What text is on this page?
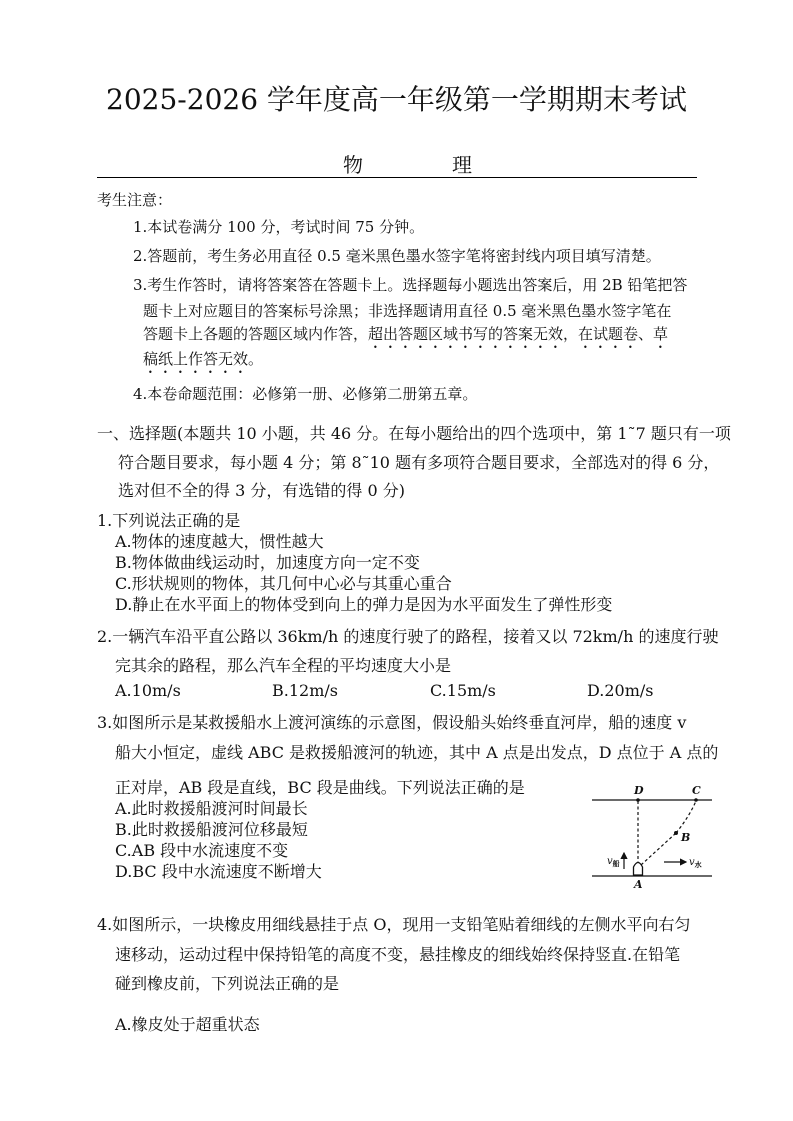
2025-2026 学年度高一年级第一学期期末考试
物	理
考生注意：
1.本试卷满分 100 分，考试时间 75 分钟。
2.答题前，考生务必用直径 0.5 毫米黑色墨水签字笔将密封线内项目填写清楚。
3.考生作答时，请将答案答在答题卡上。选择题每小题选出答案后，用 2B 铅笔把答
题卡上对应题目的答案标号涂黑；非选择题请用直径 0.5 毫米黑色墨水签字笔在
答题卡上各题的答题区域内作答，超出答题区域书写的答案无效，在试题卷、草
稿纸上作答无效。
4.本卷命题范围：必修第一册、必修第二册第五章。
一、选择题(本题共 10 小题，共 46 分。在每小题给出的四个选项中，第 1˜7 题只有一项
符合题目要求，每小题 4 分；第 8˜10 题有多项符合题目要求，全部选对的得 6 分，
选对但不全的得 3 分，有选错的得 0 分)
1.下列说法正确的是
A.物体的速度越大，惯性越大
B.物体做曲线运动时，加速度方向一定不变
C.形状规则的物体，其几何中心必与其重心重合
D.静止在水平面上的物体受到向上的弹力是因为水平面发生了弹性形变
2.一辆汽车沿平直公路以 36km/h 的速度行驶了的路程，接着又以 72km/h 的速度行驶
完其余的路程，那么汽车全程的平均速度大小是
A.10m/s	B.12m/s	C.15m/s	D.20m/s
3.如图所示是某救援船水上渡河演练的示意图，假设船头始终垂直河岸，船的速度 v
船大小恒定，虚线 ABC 是救援船渡河的轨迹，其中 A 点是出发点，D 点位于 A 点的
正对岸，AB 段是直线，BC 段是曲线。下列说法正确的是
A.此时救援船渡河时间最长
B.此时救援船渡河位移最短
C.AB 段中水流速度不变
D.BC 段中水流速度不断增大
D	C
B
A
$v_船$	$v_水$
4.如图所示，一块橡皮用细线悬挂于点 O，现用一支铅笔贴着细线的左侧水平向右匀
速移动，运动过程中保持铅笔的高度不变，悬挂橡皮的细线始终保持竖直.在铅笔
碰到橡皮前，下列说法正确的是
A.橡皮处于超重状态
